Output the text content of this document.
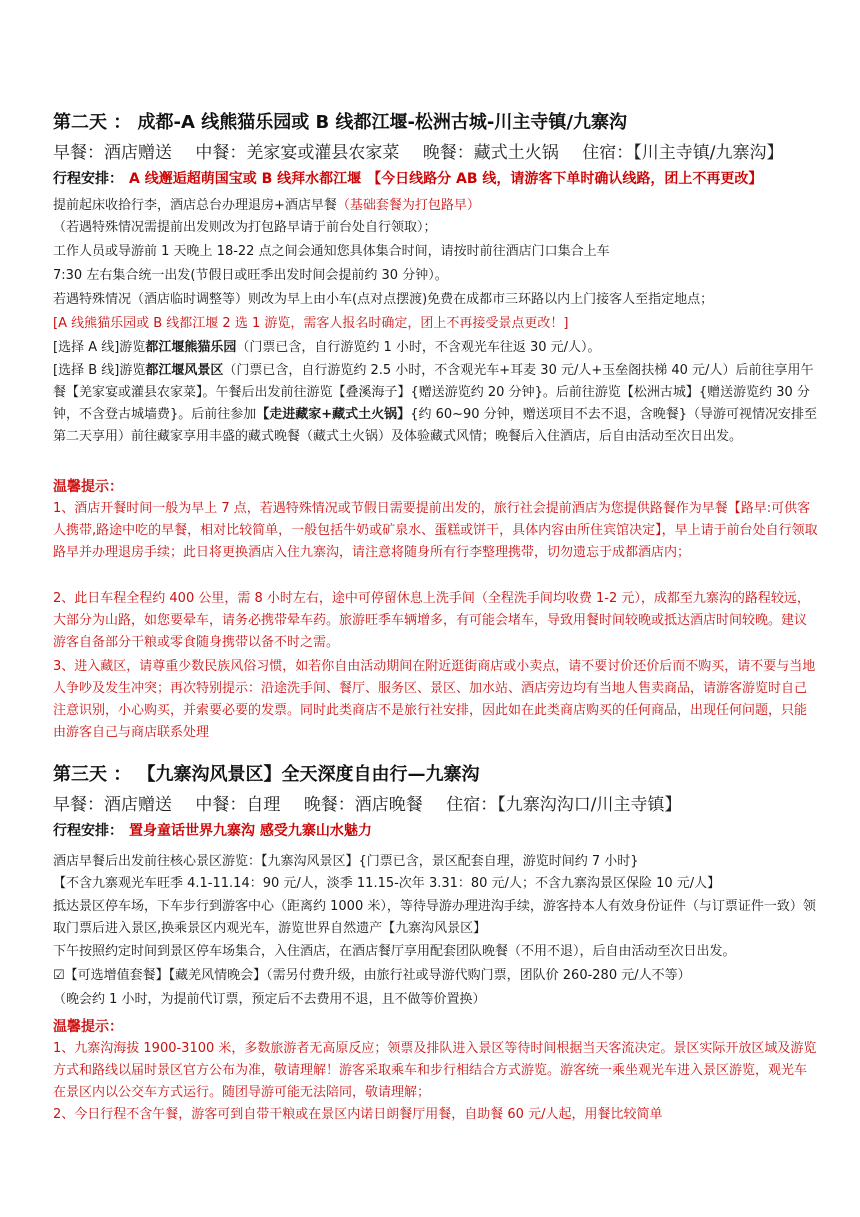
第二天 ： 成都-A 线熊猫乐园或 B 线都江堰-松洲古城-川主寺镇/九寨沟
早餐：酒店赠送 中餐：羌家宴或灌县农家菜 晚餐：藏式土火锅 住宿：【川主寺镇/九寨沟】
行程安排： A 线邂逅超萌国宝或 B 线拜水都江堰 【今日线路分 AB 线，请游客下单时确认线路，团上不再更改】
提前起床收拾行李，酒店总台办理退房+酒店早餐（基础套餐为打包路早）
（若遇特殊情况需提前出发则改为打包路早请于前台处自行领取）；
工作人员或导游前 1 天晚上 18-22 点之间会通知您具体集合时间，请按时前往酒店门口集合上车
7:30 左右集合统一出发(节假日或旺季出发时间会提前约 30 分钟）。
若遇特殊情况（酒店临时调整等）则改为早上由小车(点对点摆渡)免费在成都市三环路以内上门接客人至指定地点；
[A 线熊猫乐园或 B 线都江堰 2 选 1 游览，需客人报名时确定，团上不再接受景点更改！]
[选择 A 线]游览都江堰熊猫乐园（门票已含，自行游览约 1 小时，不含观光车往返 30 元/人）。
[选择 B 线]游览都江堰风景区（门票已含，自行游览约 2.5 小时，不含观光车+耳麦 30 元/人+玉垒阁扶梯 40 元/人）后前往享用午餐【羌家宴或灌县农家菜】。午餐后出发前往游览【叠溪海子】{赠送游览约 20 分钟}。后前往游览【松洲古城】{赠送游览约 30 分钟，不含登古城墙费}。后前往参加【走进藏家+藏式土火锅】{约 60~90 分钟，赠送项目不去不退，含晚餐}（导游可视情况安排至第二天享用）前往藏家享用丰盛的藏式晚餐（藏式土火锅）及体验藏式风情；晚餐后入住酒店，后自由活动至次日出发。
温馨提示：
1、酒店开餐时间一般为早上 7 点，若遇特殊情况或节假日需要提前出发的，旅行社会提前酒店为您提供路餐作为早餐【路早:可供客人携带,路途中吃的早餐，相对比较简单，一般包括牛奶或矿泉水、蛋糕或饼干，具体内容由所住宾馆决定】，早上请于前台处自行领取路早并办理退房手续；此日将更换酒店入住九寨沟，请注意将随身所有行李整理携带，切勿遗忘于成都酒店内；
2、此日车程全程约 400 公里，需 8 小时左右，途中可停留休息上洗手间（全程洗手间均收费 1-2 元），成都至九寨沟的路程较远，大部分为山路，如您要晕车，请务必携带晕车药。旅游旺季车辆增多，有可能会堵车，导致用餐时间较晚或抵达酒店时间较晚。建议游客自备部分干粮或零食随身携带以备不时之需。
3、进入藏区，请尊重少数民族风俗习惯，如若你自由活动期间在附近逛街商店或小卖点，请不要讨价还价后而不购买，请不要与当地人争吵及发生冲突；再次特别提示：沿途洗手间、餐厅、服务区、景区、加水站、酒店旁边均有当地人售卖商品，请游客游览时自己注意识别，小心购买，并索要必要的发票。同时此类商店不是旅行社安排，因此如在此类商店购买的任何商品，出现任何问题，只能由游客自己与商店联系处理
第三天 ： 【九寨沟风景区】全天深度自由行—九寨沟
早餐：酒店赠送 中餐：自理 晚餐：酒店晚餐 住宿：【九寨沟沟口/川主寺镇】
行程安排： 置身童话世界九寨沟 感受九寨山水魅力
酒店早餐后出发前往核心景区游览：【九寨沟风景区】{门票已含，景区配套自理，游览时间约 7 小时}
【不含九寨观光车旺季 4.1-11.14：90 元/人，淡季 11.15-次年 3.31：80 元/人；不含九寨沟景区保险 10 元/人】
抵达景区停车场，下车步行到游客中心（距离约 1000 米），等待导游办理进沟手续，游客持本人有效身份证件（与订票证件一致）领取门票后进入景区,换乘景区内观光车，游览世界自然遗产【九寨沟风景区】
下午按照约定时间到景区停车场集合，入住酒店，在酒店餐厅享用配套团队晚餐（不用不退），后自由活动至次日出发。
☑【可选增值套餐】【藏羌风情晚会】（需另付费升级，由旅行社或导游代购门票，团队价 260-280 元/人不等）
（晚会约 1 小时，为提前代订票，预定后不去费用不退，且不做等价置换）
温馨提示：
1、九寨沟海拔 1900-3100 米，多数旅游者无高原反应；领票及排队进入景区等待时间根据当天客流决定。景区实际开放区域及游览方式和路线以届时景区官方公布为准，敬请理解！游客采取乘车和步行相结合方式游览。游客统一乘坐观光车进入景区游览，观光车在景区内以公交车方式运行。随团导游可能无法陪同，敬请理解；
2、今日行程不含午餐，游客可到自带干粮或在景区内诺日朗餐厅用餐，自助餐 60 元/人起，用餐比较简单
